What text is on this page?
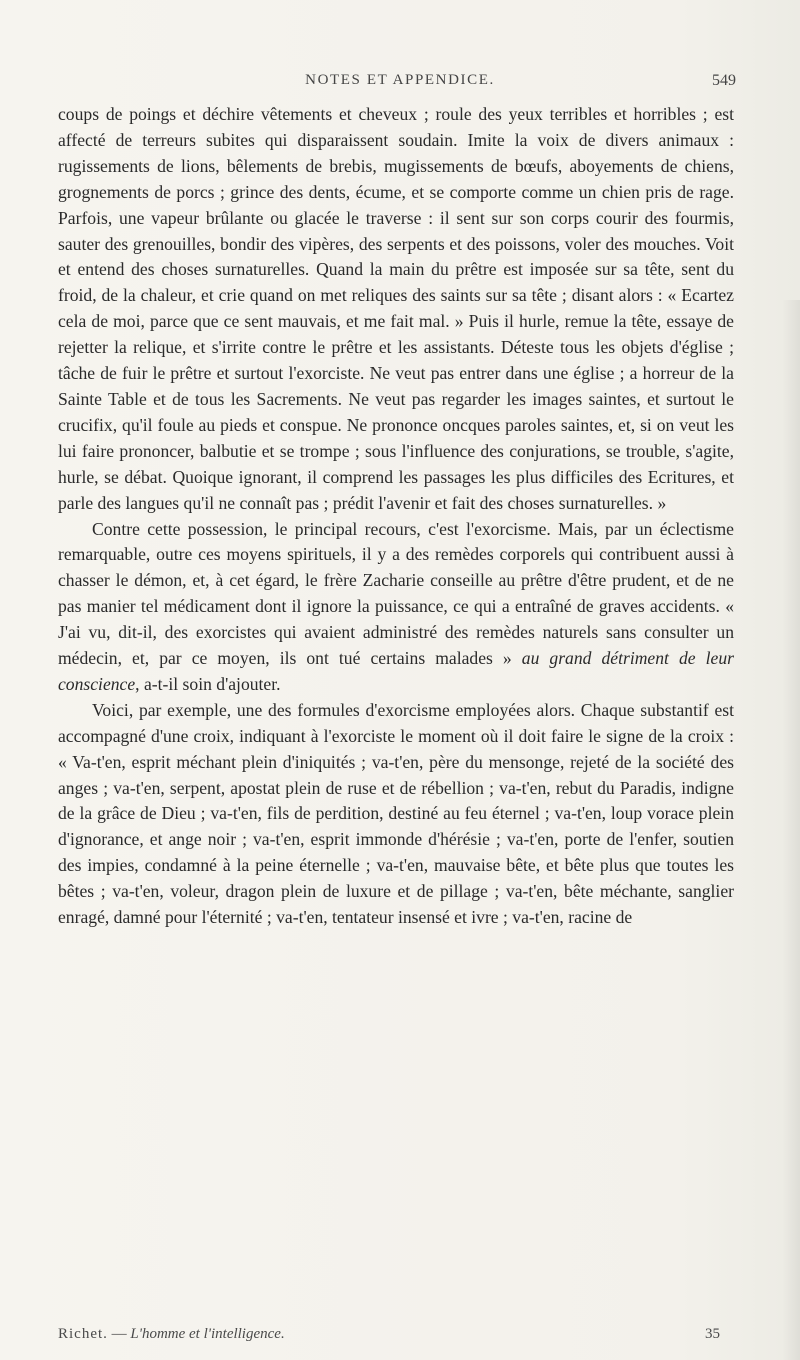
NOTES ET APPENDICE.	549

coups de poings et déchire vêtements et cheveux ; roule des yeux terribles et horribles ; est affecté de terreurs subites qui disparaissent soudain. Imite la voix de divers animaux : rugissements de lions, bêlements de brebis, mugissements de bœufs, aboyements de chiens, grognements de porcs ; grince des dents, écume, et se comporte comme un chien pris de rage. Parfois, une vapeur brûlante ou glacée le traverse : il sent sur son corps courir des fourmis, sauter des grenouilles, bondir des vipères, des serpents et des poissons, voler des mouches. Voit et entend des choses surnaturelles. Quand la main du prêtre est imposée sur sa tête, sent du froid, de la chaleur, et crie quand on met reliques des saints sur sa tête ; disant alors : « Ecartez cela de moi, parce que ce sent mauvais, et me fait mal. » Puis il hurle, remue la tête, essaye de rejetter la relique, et s'irrite contre le prêtre et les assistants. Déteste tous les objets d'église ; tâche de fuir le prêtre et surtout l'exorciste. Ne veut pas entrer dans une église ; a horreur de la Sainte Table et de tous les Sacrements. Ne veut pas regarder les images saintes, et surtout le crucifix, qu'il foule au pieds et conspue. Ne prononce oncques paroles saintes, et, si on veut les lui faire prononcer, balbutie et se trompe ; sous l'influence des conjurations, se trouble, s'agite, hurle, se débat. Quoique ignorant, il comprend les passages les plus difficiles des Ecritures, et parle des langues qu'il ne connaît pas ; prédit l'avenir et fait des choses surnaturelles. »

Contre cette possession, le principal recours, c'est l'exorcisme. Mais, par un éclectisme remarquable, outre ces moyens spirituels, il y a des remèdes corporels qui contribuent aussi à chasser le démon, et, à cet égard, le frère Zacharie conseille au prêtre d'être prudent, et de ne pas manier tel médicament dont il ignore la puissance, ce qui a entraîné de graves accidents. « J'ai vu, dit-il, des exorcistes qui avaient administré des remèdes naturels sans consulter un médecin, et, par ce moyen, ils ont tué certains malades » au grand détriment de leur conscience, a-t-il soin d'ajouter.

Voici, par exemple, une des formules d'exorcisme employées alors. Chaque substantif est accompagné d'une croix, indiquant à l'exorciste le moment où il doit faire le signe de la croix : « Va-t'en, esprit méchant plein d'iniquités ; va-t'en, père du mensonge, rejeté de la société des anges ; va-t'en, serpent, apostat plein de ruse et de rébellion ; va-t'en, rebut du Paradis, indigne de la grâce de Dieu ; va-t'en, fils de perdition, destiné au feu éternel ; va-t'en, loup vorace plein d'ignorance, et ange noir ; va-t'en, esprit immonde d'hérésie ; va-t'en, porte de l'enfer, soutien des impies, condamné à la peine éternelle ; va-t'en, mauvaise bête, et bête plus que toutes les bêtes ; va-t'en, voleur, dragon plein de luxure et de pillage ; va-t'en, bête méchante, sanglier enragé, damné pour l'éternité ; va-t'en, tentateur insensé et ivre ; va-t'en, racine de

Richet. — L'homme et l'intelligence.	35
